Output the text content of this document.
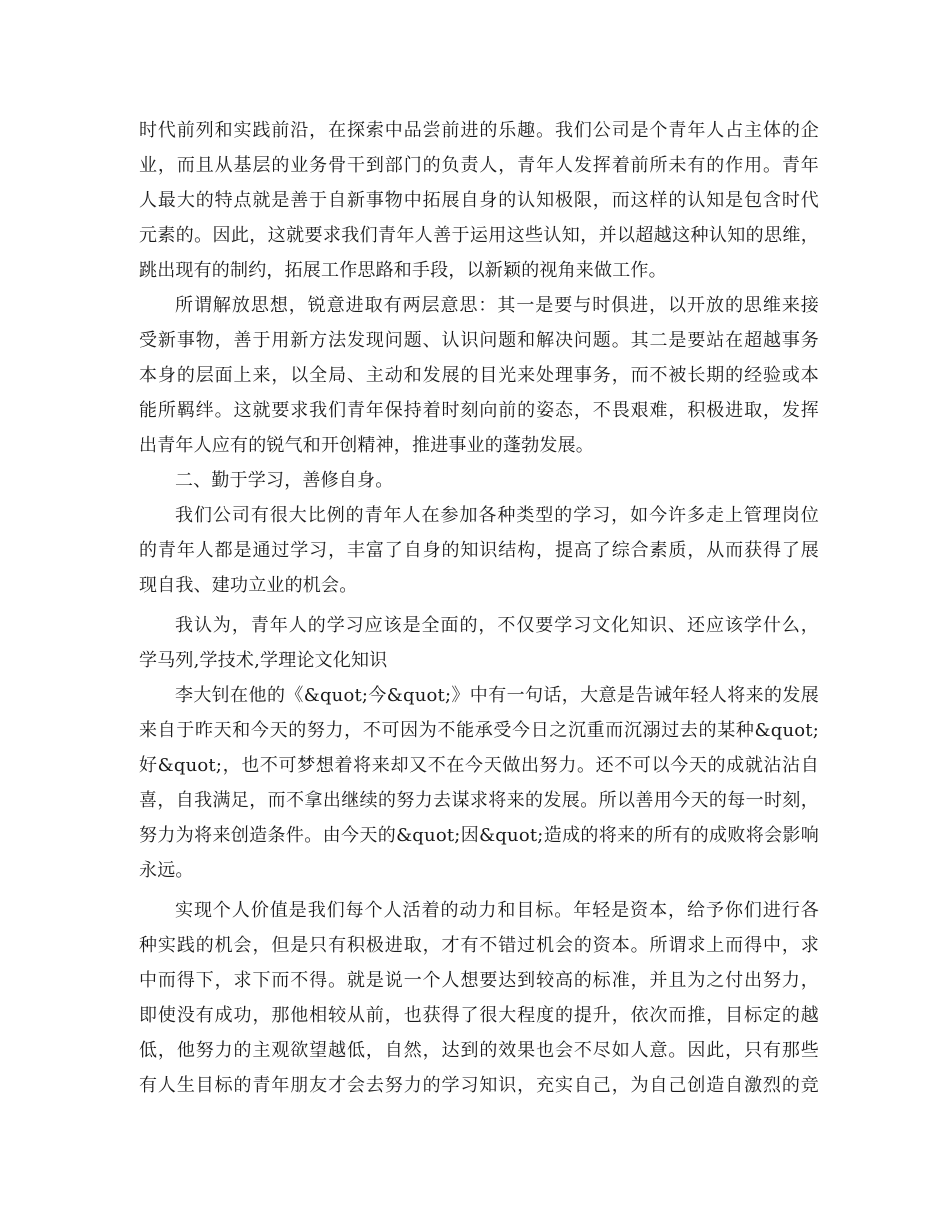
时代前列和实践前沿，在探索中品尝前进的乐趣。我们公司是个青年人占主体的企
业，而且从基层的业务骨干到部门的负责人，青年人发挥着前所未有的作用。青年
人最大的特点就是善于自新事物中拓展自身的认知极限，而这样的认知是包含时代
元素的。因此，这就要求我们青年人善于运用这些认知，并以超越这种认知的思维，
跳出现有的制约，拓展工作思路和手段，以新颖的视角来做工作。
所谓解放思想，锐意进取有两层意思：其一是要与时俱进，以开放的思维来接
受新事物，善于用新方法发现问题、认识问题和解决问题。其二是要站在超越事务
本身的层面上来，以全局、主动和发展的目光来处理事务，而不被长期的经验或本
能所羁绊。这就要求我们青年保持着时刻向前的姿态，不畏艰难，积极进取，发挥
出青年人应有的锐气和开创精神，推进事业的蓬勃发展。
二、勤于学习，善修自身。
我们公司有很大比例的青年人在参加各种类型的学习，如今许多走上管理岗位
的青年人都是通过学习，丰富了自身的知识结构，提高了综合素质，从而获得了展
现自我、建功立业的机会。
我认为，青年人的学习应该是全面的，不仅要学习文化知识、还应该学什么，
学马列,学技术,学理论文化知识
李大钊在他的《&quot;今&quot;》中有一句话，大意是告诫年轻人将来的发展
来自于昨天和今天的努力，不可因为不能承受今日之沉重而沉溺过去的某种&quot;
好&quot;，也不可梦想着将来却又不在今天做出努力。还不可以今天的成就沾沾自
喜，自我满足，而不拿出继续的努力去谋求将来的发展。所以善用今天的每一时刻，
努力为将来创造条件。由今天的&quot;因&quot;造成的将来的所有的成败将会影响
永远。
实现个人价值是我们每个人活着的动力和目标。年轻是资本，给予你们进行各
种实践的机会，但是只有积极进取，才有不错过机会的资本。所谓求上而得中，求
中而得下，求下而不得。就是说一个人想要达到较高的标准，并且为之付出努力，
即使没有成功，那他相较从前，也获得了很大程度的提升，依次而推，目标定的越
低，他努力的主观欲望越低，自然，达到的效果也会不尽如人意。因此，只有那些
有人生目标的青年朋友才会去努力的学习知识，充实自己，为自己创造自激烈的竞
